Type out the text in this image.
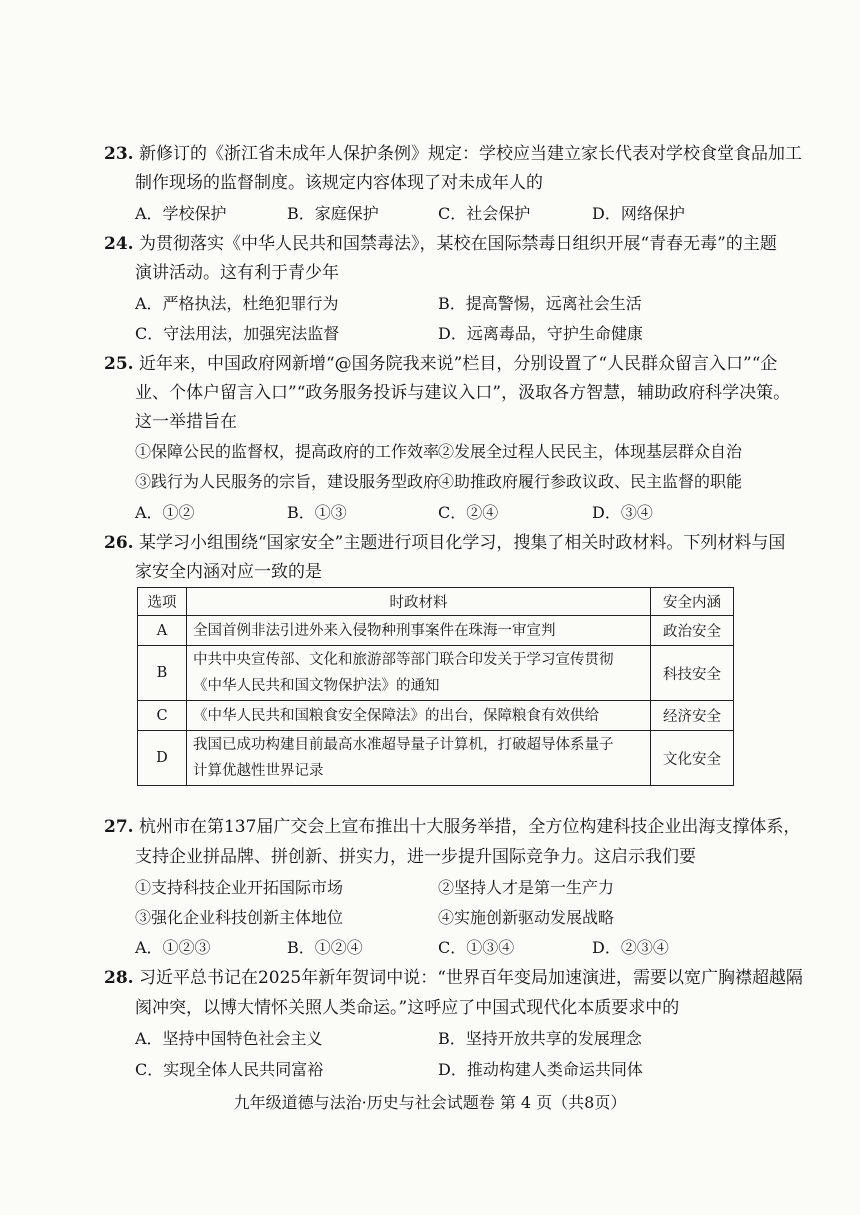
23. 新修订的《浙江省未成年人保护条例》规定：学校应当建立家长代表对学校食堂食品加工
制作现场的监督制度。该规定内容体现了对未成年人的
A．学校保护	B．家庭保护	C．社会保护	D．网络保护
24. 为贯彻落实《中华人民共和国禁毒法》，某校在国际禁毒日组织开展“青春无毒”的主题
演讲活动。这有利于青少年
A．严格执法，杜绝犯罪行为	B．提高警惕，远离社会生活
C．守法用法，加强宪法监督	D．远离毒品，守护生命健康
25. 近年来，中国政府网新增“@国务院我来说”栏目，分别设置了“人民群众留言入口”“企
业、个体户留言入口”“政务服务投诉与建议入口”，汲取各方智慧，辅助政府科学决策。
这一举措旨在
①保障公民的监督权，提高政府的工作效率
②发展全过程人民民主，体现基层群众自治
③践行为人民服务的宗旨，建设服务型政府
④助推政府履行参政议政、民主监督的职能
A．①②	B．①③	C．②④	D．③④
26. 某学习小组围绕“国家安全”主题进行项目化学习，搜集了相关时政材料。下列材料与国
家安全内涵对应一致的是
选项	时政材料	安全内涵
A	全国首例非法引进外来入侵物种刑事案件在珠海一审宣判	政治安全
B	中共中央宣传部、文化和旅游部等部门联合印发关于学习宣传贯彻
《中华人民共和国文物保护法》的通知	科技安全
C	《中华人民共和国粮食安全保障法》的出台，保障粮食有效供给	经济安全
D	我国已成功构建目前最高水准超导量子计算机，打破超导体系量子
计算优越性世界记录	文化安全
27. 杭州市在第137届广交会上宣布推出十大服务举措，全方位构建科技企业出海支撑体系，
支持企业拼品牌、拼创新、拼实力，进一步提升国际竞争力。这启示我们要
①支持科技企业开拓国际市场	②坚持人才是第一生产力
③强化企业科技创新主体地位	④实施创新驱动发展战略
A．①②③	B．①②④	C．①③④	D．②③④
28. 习近平总书记在2025年新年贺词中说：“世界百年变局加速演进，需要以宽广胸襟超越隔
阂冲突，以博大情怀关照人类命运。”这呼应了中国式现代化本质要求中的
A．坚持中国特色社会主义	B．坚持开放共享的发展理念
C．实现全体人民共同富裕	D．推动构建人类命运共同体
九年级道德与法治·历史与社会试题卷 第 4 页（共8页）
